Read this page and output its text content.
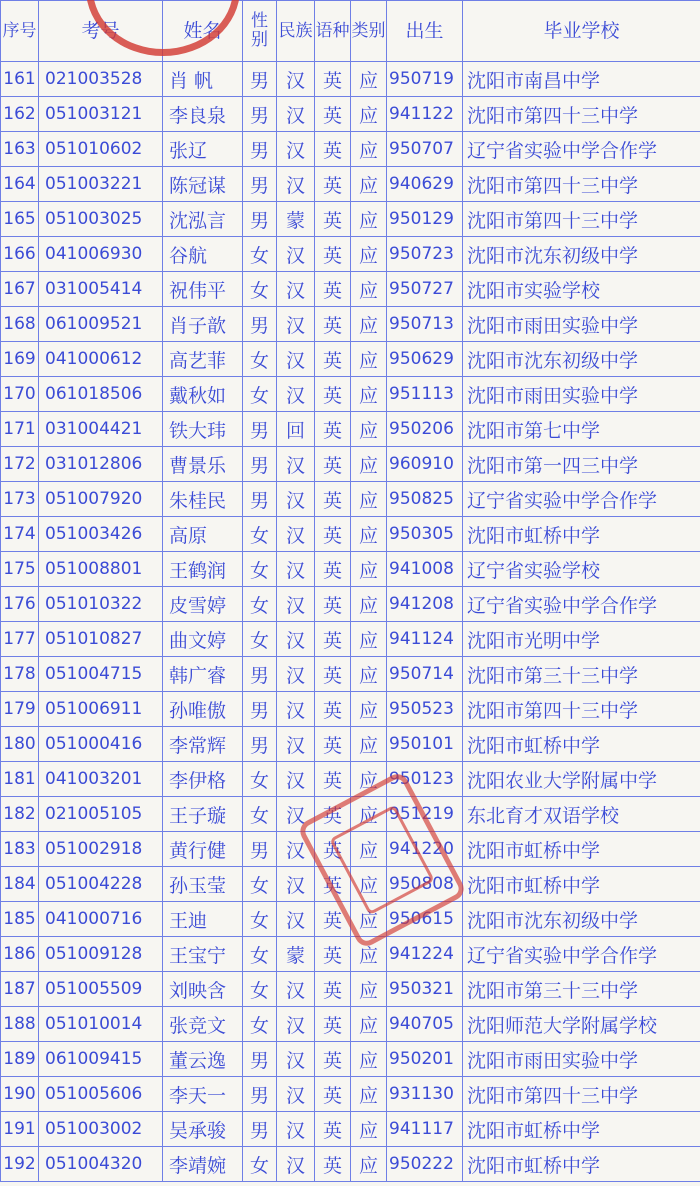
序号	考号	姓名	性别	民族	语种	类别	出生	毕业学校
161	021003528	肖 帆	男	汉	英	应	950719	沈阳市南昌中学
162	051003121	李良泉	男	汉	英	应	941122	沈阳市第四十三中学
163	051010602	张辽	男	汉	英	应	950707	辽宁省实验中学合作学
164	051003221	陈冠谋	男	汉	英	应	940629	沈阳市第四十三中学
165	051003025	沈泓言	男	蒙	英	应	950129	沈阳市第四十三中学
166	041006930	谷航	女	汉	英	应	950723	沈阳市沈东初级中学
167	031005414	祝伟平	女	汉	英	应	950727	沈阳市实验学校
168	061009521	肖子歆	男	汉	英	应	950713	沈阳市雨田实验中学
169	041000612	高艺菲	女	汉	英	应	950629	沈阳市沈东初级中学
170	061018506	戴秋如	女	汉	英	应	951113	沈阳市雨田实验中学
171	031004421	铁大玮	男	回	英	应	950206	沈阳市第七中学
172	031012806	曹景乐	男	汉	英	应	960910	沈阳市第一四三中学
173	051007920	朱桂民	男	汉	英	应	950825	辽宁省实验中学合作学
174	051003426	高原	女	汉	英	应	950305	沈阳市虹桥中学
175	051008801	王鹤润	女	汉	英	应	941008	辽宁省实验学校
176	051010322	皮雪婷	女	汉	英	应	941208	辽宁省实验中学合作学
177	051010827	曲文婷	女	汉	英	应	941124	沈阳市光明中学
178	051004715	韩广睿	男	汉	英	应	950714	沈阳市第三十三中学
179	051006911	孙唯傲	男	汉	英	应	950523	沈阳市第四十三中学
180	051000416	李常辉	男	汉	英	应	950101	沈阳市虹桥中学
181	041003201	李伊格	女	汉	英	应	950123	沈阳农业大学附属中学
182	021005105	王子璇	女	汉	英	应	951219	东北育才双语学校
183	051002918	黄行健	男	汉	英	应	941220	沈阳市虹桥中学
184	051004228	孙玉莹	女	汉	英	应	950808	沈阳市虹桥中学
185	041000716	王迪	女	汉	英	应	950615	沈阳市沈东初级中学
186	051009128	王宝宁	女	蒙	英	应	941224	辽宁省实验中学合作学
187	051005509	刘映含	女	汉	英	应	950321	沈阳市第三十三中学
188	051010014	张竞文	女	汉	英	应	940705	沈阳师范大学附属学校
189	061009415	董云逸	男	汉	英	应	950201	沈阳市雨田实验中学
190	051005606	李天一	男	汉	英	应	931130	沈阳市第四十三中学
191	051003002	吴承骏	男	汉	英	应	941117	沈阳市虹桥中学
192	051004320	李靖婉	女	汉	英	应	950222	沈阳市虹桥中学
